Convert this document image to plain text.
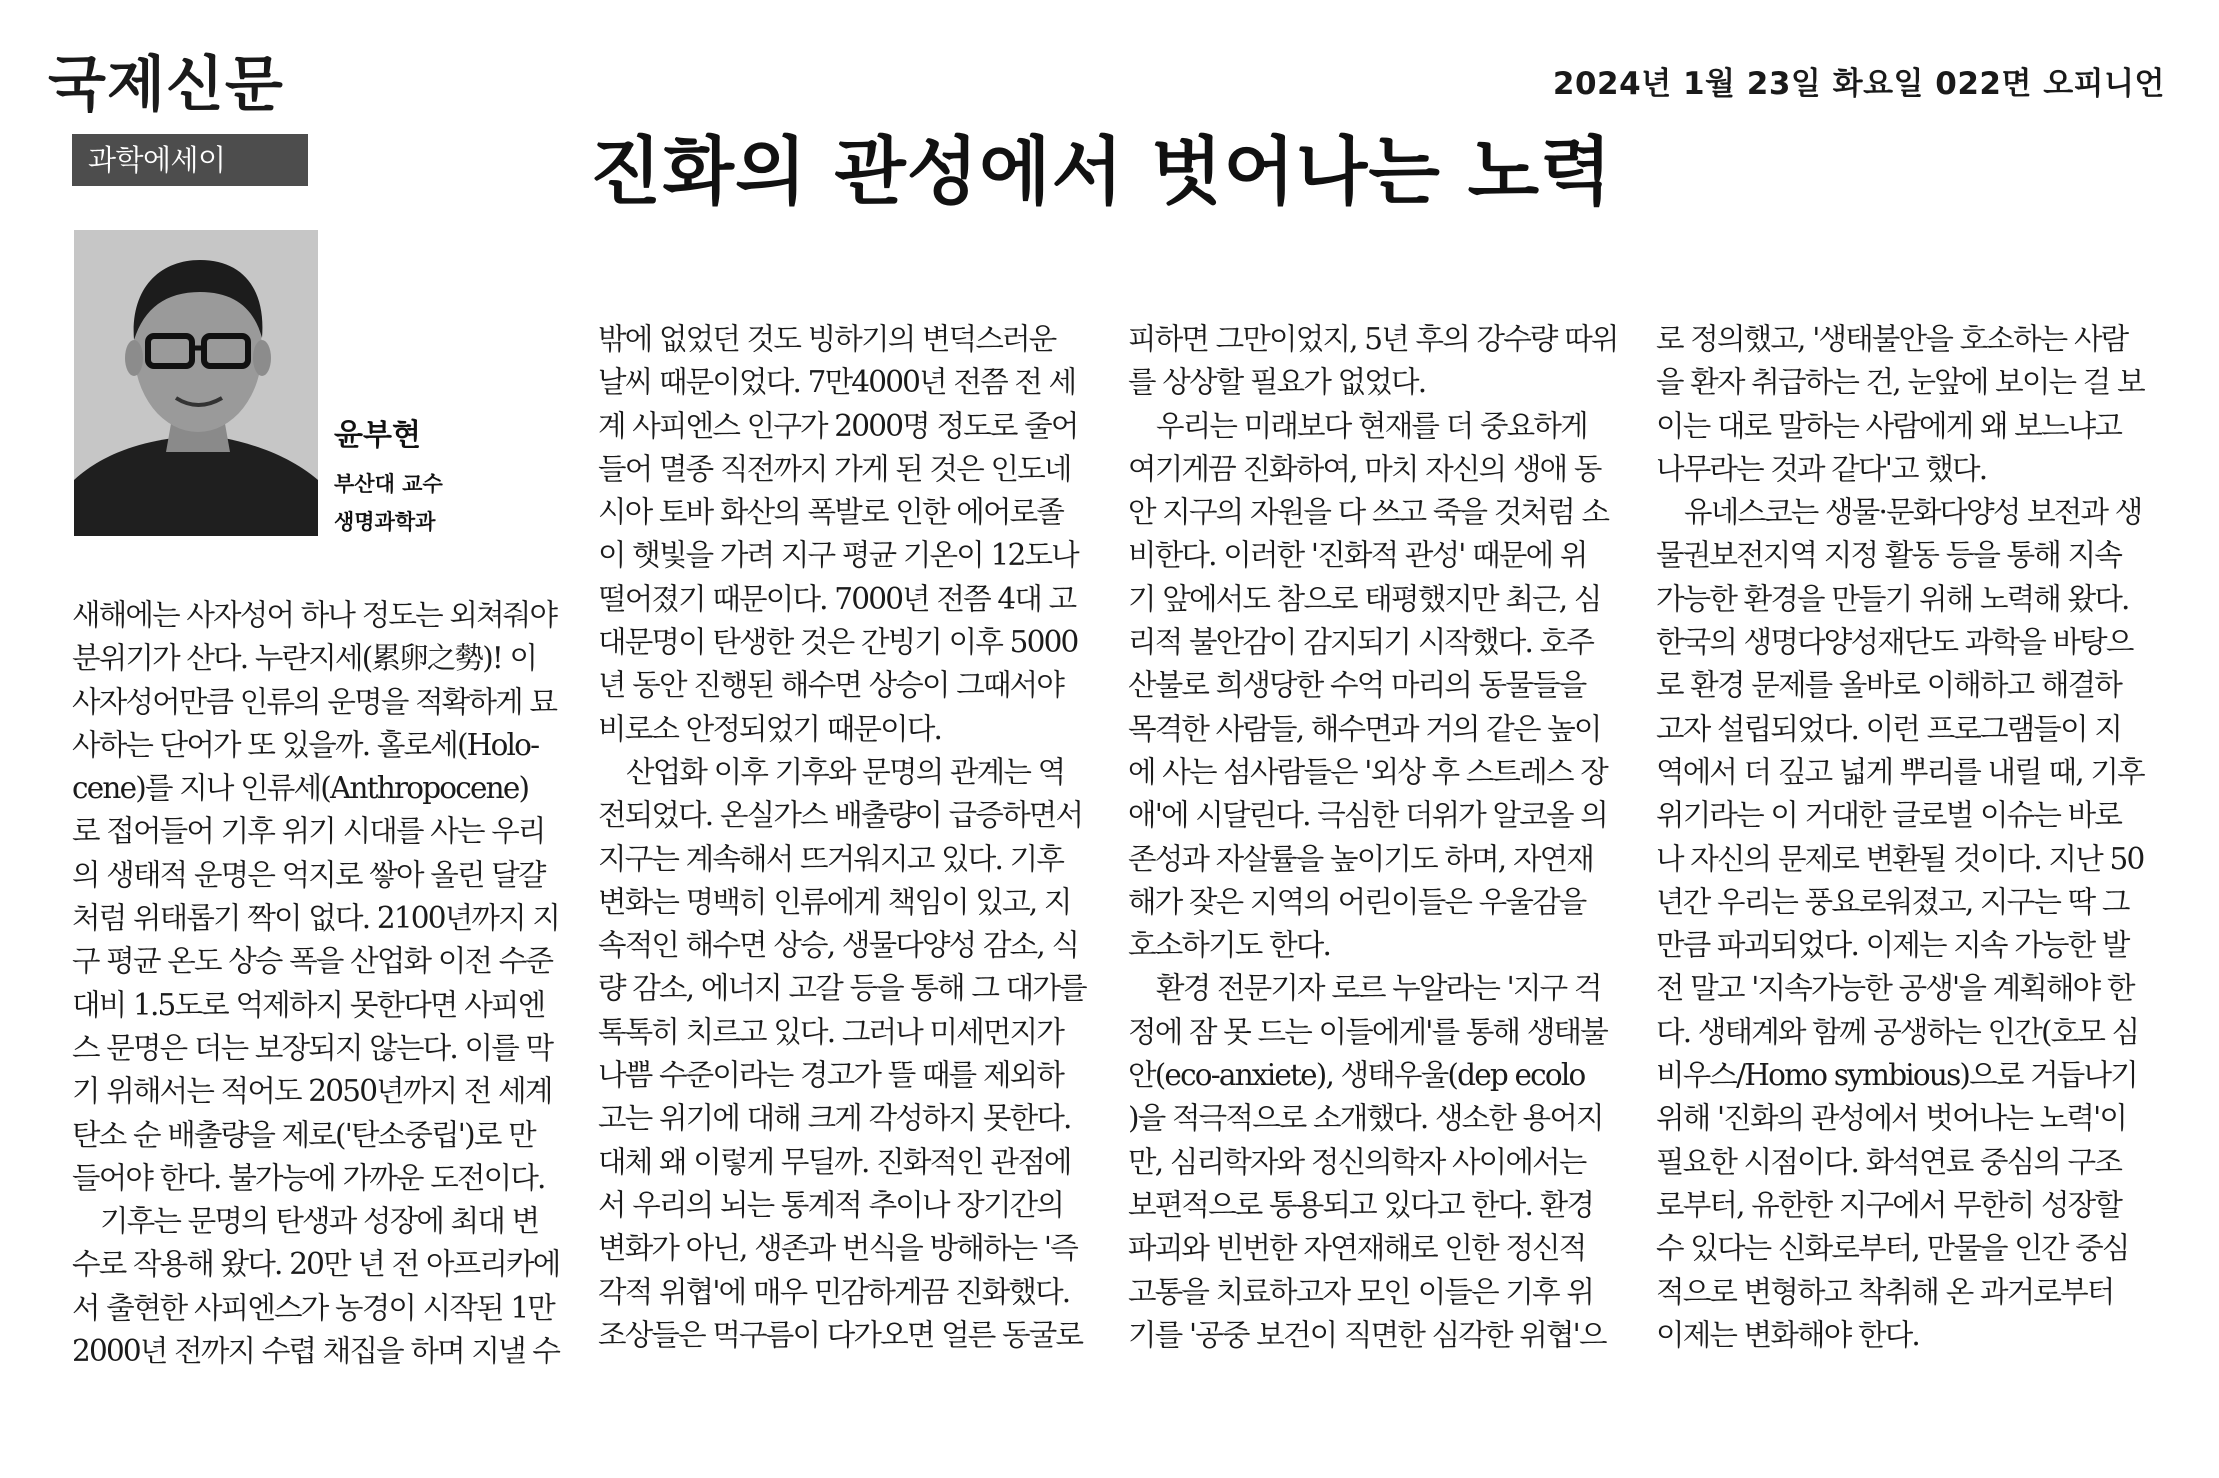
국제신문	2024년 1월 23일 화요일 022면 오피니언
과학에세이	진화의 관성에서 벗어나는 노력
윤부현
부산대 교수
생명과학과
새해에는 사자성어 하나 정도는 외쳐줘야
분위기가 산다. 누란지세(累卵之勢)! 이
사자성어만큼 인류의 운명을 적확하게 묘
사하는 단어가 또 있을까. 홀로세(Holo-
cene)를 지나 인류세(Anthropocene)
로 접어들어 기후 위기 시대를 사는 우리
의 생태적 운명은 억지로 쌓아 올린 달걀
처럼 위태롭기 짝이 없다. 2100년까지 지
구 평균 온도 상승 폭을 산업화 이전 수준
대비 1.5도로 억제하지 못한다면 사피엔
스 문명은 더는 보장되지 않는다. 이를 막
기 위해서는 적어도 2050년까지 전 세계
탄소 순 배출량을 제로('탄소중립')로 만
들어야 한다. 불가능에 가까운 도전이다.
기후는 문명의 탄생과 성장에 최대 변
수로 작용해 왔다. 20만 년 전 아프리카에
서 출현한 사피엔스가 농경이 시작된 1만
2000년 전까지 수렵 채집을 하며 지낼 수
밖에 없었던 것도 빙하기의 변덕스러운
날씨 때문이었다. 7만4000년 전쯤 전 세
계 사피엔스 인구가 2000명 정도로 줄어
들어 멸종 직전까지 가게 된 것은 인도네
시아 토바 화산의 폭발로 인한 에어로졸
이 햇빛을 가려 지구 평균 기온이 12도나
떨어졌기 때문이다. 7000년 전쯤 4대 고
대문명이 탄생한 것은 간빙기 이후 5000
년 동안 진행된 해수면 상승이 그때서야
비로소 안정되었기 때문이다.
산업화 이후 기후와 문명의 관계는 역
전되었다. 온실가스 배출량이 급증하면서
지구는 계속해서 뜨거워지고 있다. 기후
변화는 명백히 인류에게 책임이 있고, 지
속적인 해수면 상승, 생물다양성 감소, 식
량 감소, 에너지 고갈 등을 통해 그 대가를
톡톡히 치르고 있다. 그러나 미세먼지가
나쁨 수준이라는 경고가 뜰 때를 제외하
고는 위기에 대해 크게 각성하지 못한다.
대체 왜 이렇게 무딜까. 진화적인 관점에
서 우리의 뇌는 통계적 추이나 장기간의
변화가 아닌, 생존과 번식을 방해하는 '즉
각적 위협'에 매우 민감하게끔 진화했다.
조상들은 먹구름이 다가오면 얼른 동굴로
피하면 그만이었지, 5년 후의 강수량 따위
를 상상할 필요가 없었다.
우리는 미래보다 현재를 더 중요하게
여기게끔 진화하여, 마치 자신의 생애 동
안 지구의 자원을 다 쓰고 죽을 것처럼 소
비한다. 이러한 '진화적 관성' 때문에 위
기 앞에서도 참으로 태평했지만 최근, 심
리적 불안감이 감지되기 시작했다. 호주
산불로 희생당한 수억 마리의 동물들을
목격한 사람들, 해수면과 거의 같은 높이
에 사는 섬사람들은 '외상 후 스트레스 장
애'에 시달린다. 극심한 더위가 알코올 의
존성과 자살률을 높이기도 하며, 자연재
해가 잦은 지역의 어린이들은 우울감을
호소하기도 한다.
환경 전문기자 로르 누알라는 '지구 걱
정에 잠 못 드는 이들에게'를 통해 생태불
안(eco-anxiete), 생태우울(dep ecolo
)을 적극적으로 소개했다. 생소한 용어지
만, 심리학자와 정신의학자 사이에서는
보편적으로 통용되고 있다고 한다. 환경
파괴와 빈번한 자연재해로 인한 정신적
고통을 치료하고자 모인 이들은 기후 위
기를 '공중 보건이 직면한 심각한 위협'으
로 정의했고, '생태불안을 호소하는 사람
을 환자 취급하는 건, 눈앞에 보이는 걸 보
이는 대로 말하는 사람에게 왜 보느냐고
나무라는 것과 같다'고 했다.
유네스코는 생물·문화다양성 보전과 생
물권보전지역 지정 활동 등을 통해 지속
가능한 환경을 만들기 위해 노력해 왔다.
한국의 생명다양성재단도 과학을 바탕으
로 환경 문제를 올바로 이해하고 해결하
고자 설립되었다. 이런 프로그램들이 지
역에서 더 깊고 넓게 뿌리를 내릴 때, 기후
위기라는 이 거대한 글로벌 이슈는 바로
나 자신의 문제로 변환될 것이다. 지난 50
년간 우리는 풍요로워졌고, 지구는 딱 그
만큼 파괴되었다. 이제는 지속 가능한 발
전 말고 '지속가능한 공생'을 계획해야 한
다. 생태계와 함께 공생하는 인간(호모 심
비우스/Homo symbious)으로 거듭나기
위해 '진화의 관성에서 벗어나는 노력'이
필요한 시점이다. 화석연료 중심의 구조
로부터, 유한한 지구에서 무한히 성장할
수 있다는 신화로부터, 만물을 인간 중심
적으로 변형하고 착취해 온 과거로부터
이제는 변화해야 한다.
